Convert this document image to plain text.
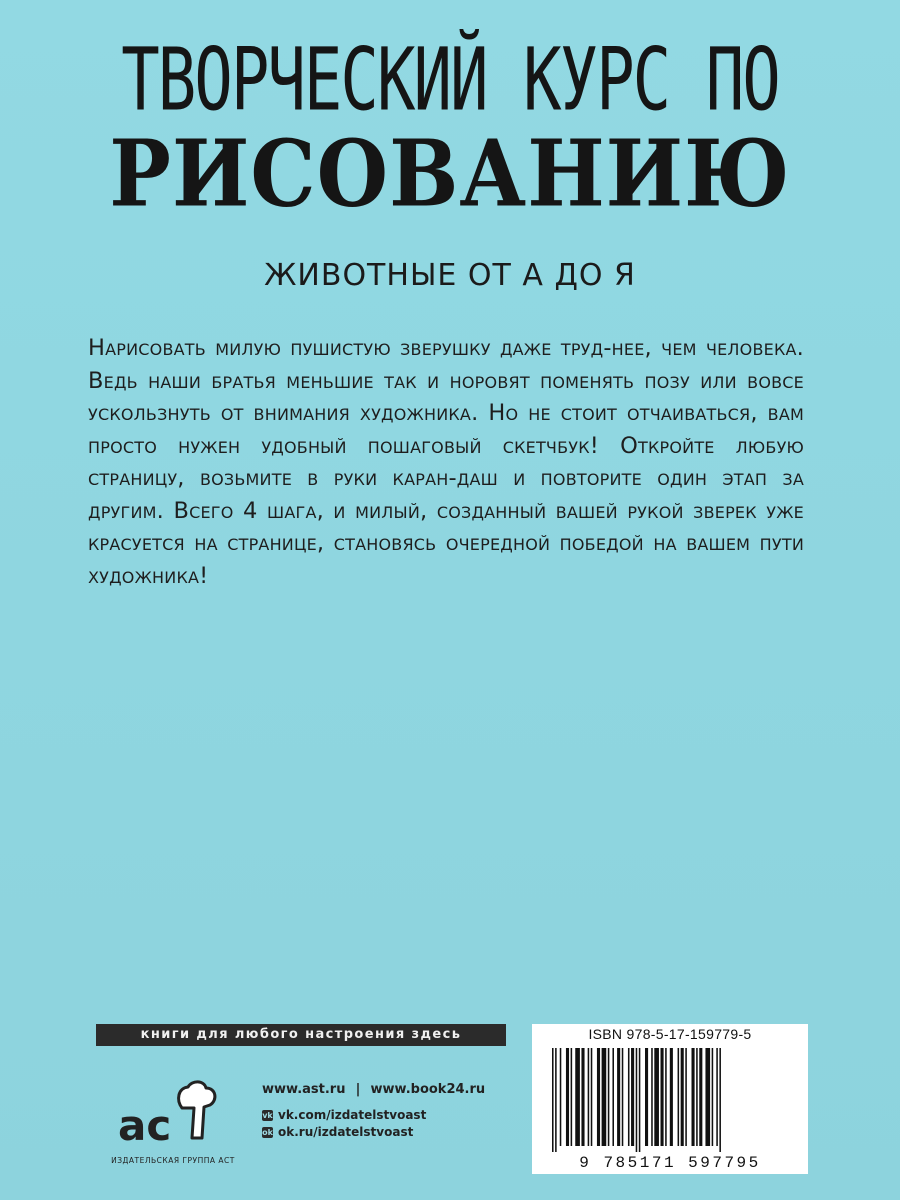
ТВОРЧЕСКИЙ КУРС ПО
РИСОВАНИЮ
ЖИВОТНЫЕ ОТ А ДО Я
Нарисовать милую пушистую зверушку даже труд-нее, чем человека. Ведь наши братья меньшие так и норовят поменять позу или вовсе ускользнуть от внимания художника. Но не стоит отчаиваться, вам просто нужен удобный пошаговый скетчбук! Откройте любую страницу, возьмите в руки каран-даш и повторите один этап за другим. Всего 4 шага, и милый, созданный вашей рукой зверек уже красуется на странице, становясь очередной победой на вашем пути художника!
книги для любого настроения здесь
ac
ИЗДАТЕЛЬСКАЯ ГРУППА АСТ
www.ast.ru | www.book24.ru
vk vk.com/izdatelstvoast
ok ok.ru/izdatelstvoast
ISBN 978-5-17-159779-5
9 785171 597795
